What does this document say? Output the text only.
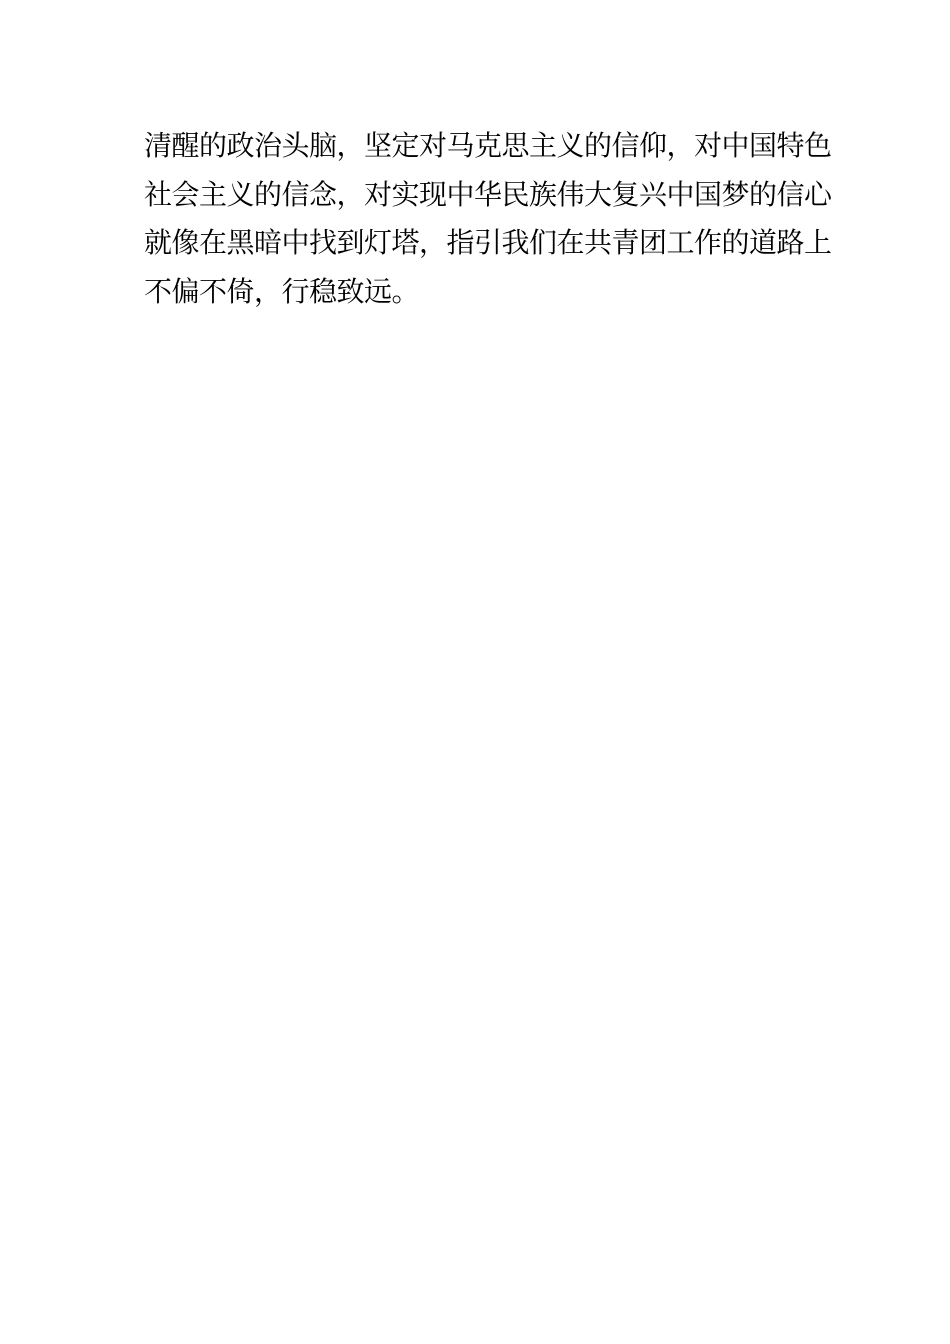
清醒的政治头脑，坚定对马克思主义的信仰，对中国特色
社会主义的信念，对实现中华民族伟大复兴中国梦的信心
就像在黑暗中找到灯塔，指引我们在共青团工作的道路上
不偏不倚，行稳致远。
